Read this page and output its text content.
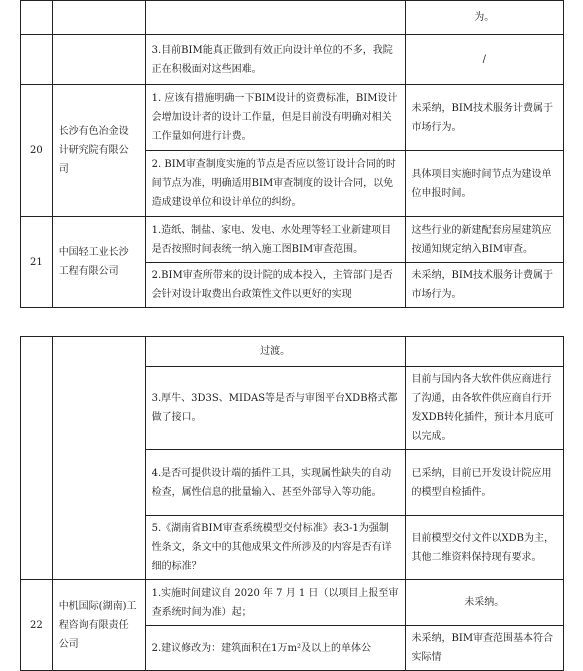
			为。
		3.目前BIM能真正做到有效正向设计单位的不多，我院正在积极面对这些困难。	/
20	长沙有色冶金设计研究院有限公司	1. 应该有措施明确一下BIM设计的资费标准，BIM设计会增加设计者的设计工作量，但是目前没有明确对相关工作量如何进行计费。	未采纳，BIM技术服务计费属于市场行为。
		2. BIM审查制度实施的节点是否应以签订设计合同的时间节点为准，明确适用BIM审查制度的设计合同，以免造成建设单位和设计单位的纠纷。	具体项目实施时间节点为建设单位申报时间。
21	中国轻工业长沙工程有限公司	1.造纸、制盐、家电、发电、水处理等轻工业新建项目是否按照时间表统一纳入施工图BIM审查范围。	这些行业的新建配套房屋建筑应按通知规定纳入BIM审查。
		2.BIM审查所带来的设计院的成本投入，主管部门是否会针对设计取费出台政策性文件以更好的实现	未采纳，BIM技术服务计费属于市场行为。
		过渡。	
		3.厚牛、3D3S、MIDAS等是否与审图平台XDB格式都做了接口。	目前与国内各大软件供应商进行了沟通，由各软件供应商自行开发XDB转化插件，预计本月底可以完成。
		4.是否可提供设计端的插件工具，实现属性缺失的自动检查，属性信息的批量输入、甚至外部导入等功能。	已采纳，目前已开发设计院应用的模型自检插件。
		5.《湖南省BIM审查系统模型交付标准》表3-1为强制性条文，条文中的其他成果文件所涉及的内容是否有详细的标准？	目前模型交付文件以XDB为主，其他二维资料保持现有要求。
22	中机国际(湖南)工程咨询有限责任公司	1.实施时间建议自 2020 年 7 月 1 日（以项目上报至审查系统时间为准）起；	未采纳。
		2.建议修改为：建筑面积在1万m²及以上的单体公	未采纳，BIM审查范围基本符合实际情
